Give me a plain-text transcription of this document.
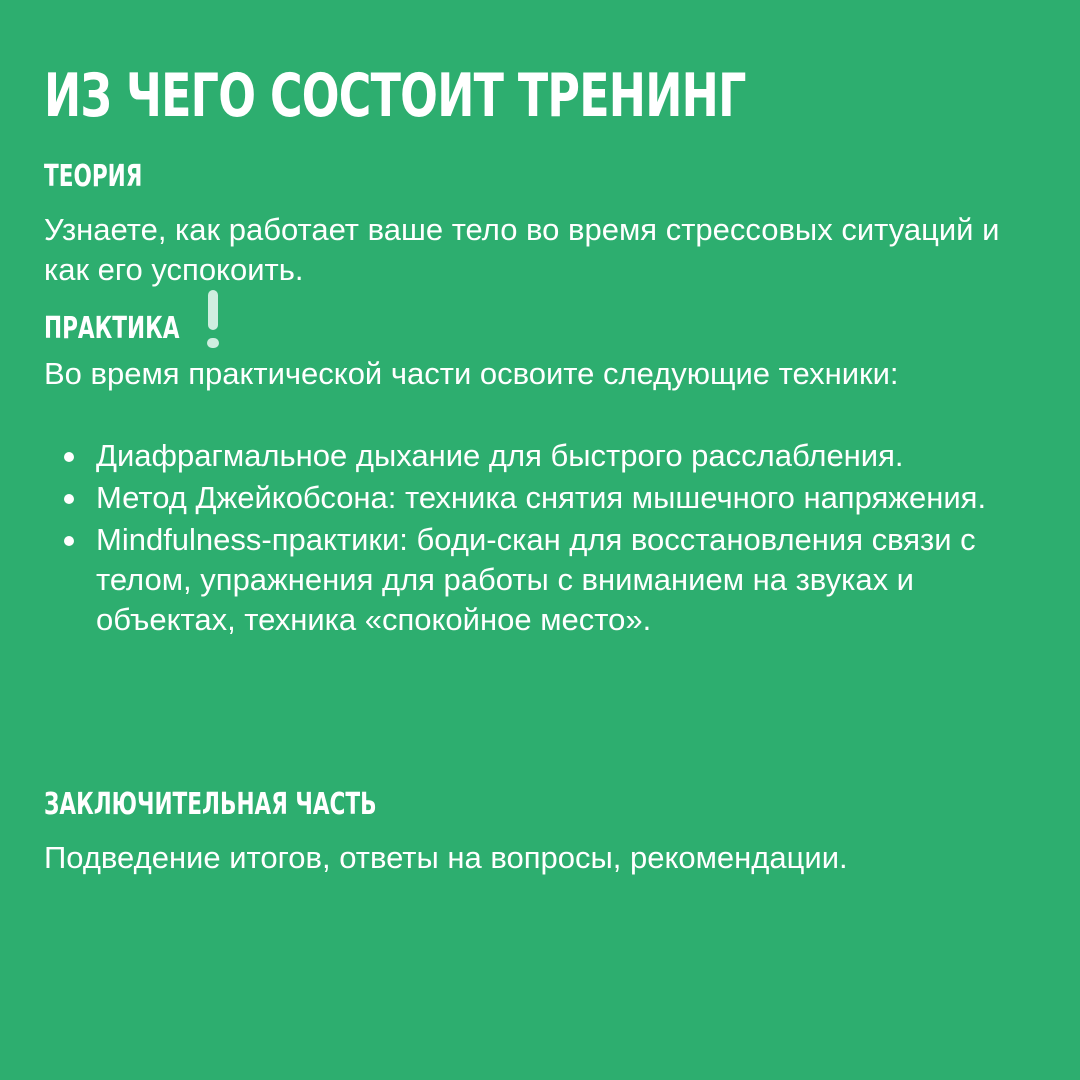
ИЗ ЧЕГО СОСТОИТ ТРЕНИНГ
ТЕОРИЯ

Узнаете, как работает ваше тело во время стрессовых ситуаций и как его успокоить.

ПРАКТИКА

Во время практической части освоите следующие техники:

Диафрагмальное дыхание для быстрого расслабления.
Метод Джейкобсона: техника снятия мышечного напряжения.
Mindfulness-практики: боди-скан для восстановления связи с телом, упражнения для работы с вниманием на звуках и объектах, техника «спокойное место».
ЗАКЛЮЧИТЕЛЬНАЯ ЧАСТЬ

Подведение итогов, ответы на вопросы, рекомендации.
